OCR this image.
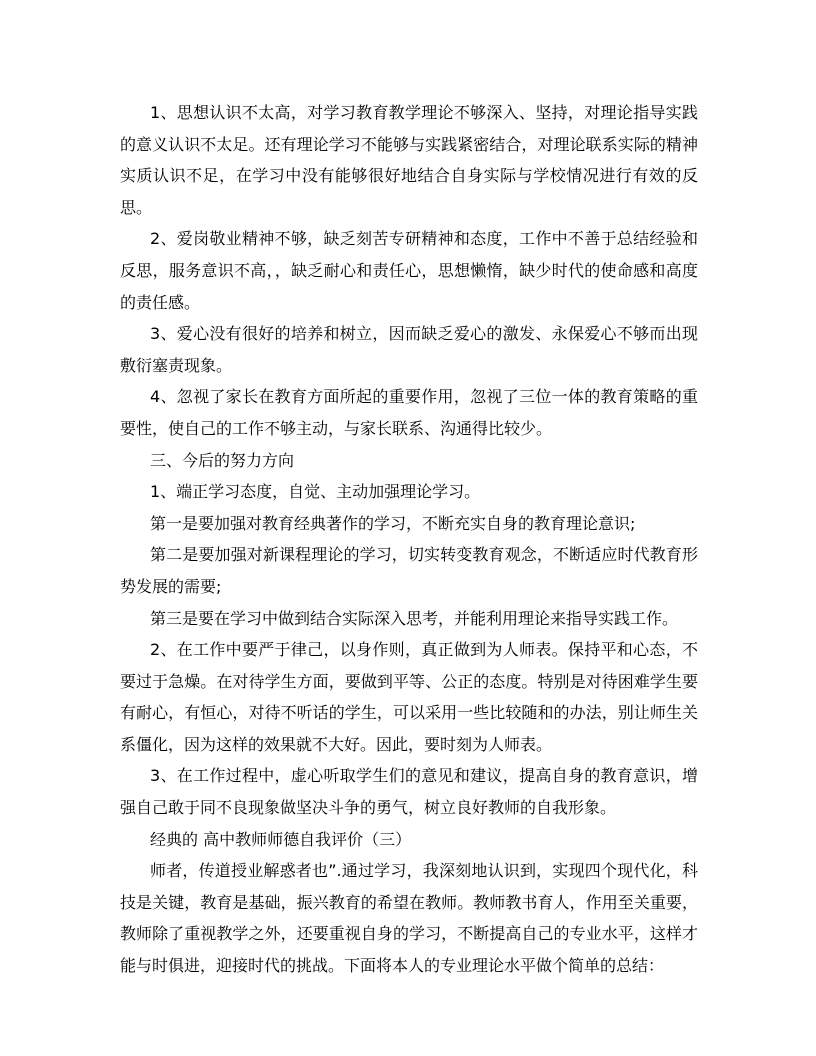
1、思想认识不太高，对学习教育教学理论不够深入、坚持，对理论指导实践的意义认识不太足。还有理论学习不能够与实践紧密结合，对理论联系实际的精神实质认识不足，在学习中没有能够很好地结合自身实际与学校情况进行有效的反思。

2、爱岗敬业精神不够，缺乏刻苦专研精神和态度，工作中不善于总结经验和反思，服务意识不高，，缺乏耐心和责任心，思想懒惰，缺少时代的使命感和高度的责任感。

3、爱心没有很好的培养和树立，因而缺乏爱心的激发、永保爱心不够而出现敷衍塞责现象。

4、忽视了家长在教育方面所起的重要作用，忽视了三位一体的教育策略的重要性，使自己的工作不够主动，与家长联系、沟通得比较少。

三、今后的努力方向

1、端正学习态度，自觉、主动加强理论学习。

第一是要加强对教育经典著作的学习，不断充实自身的教育理论意识;

第二是要加强对新课程理论的学习，切实转变教育观念，不断适应时代教育形势发展的需要;

第三是要在学习中做到结合实际深入思考，并能利用理论来指导实践工作。

2、在工作中要严于律己，以身作则，真正做到为人师表。保持平和心态，不要过于急燥。在对待学生方面，要做到平等、公正的态度。特别是对待困难学生要有耐心，有恒心，对待不听话的学生，可以采用一些比较随和的办法，别让师生关系僵化，因为这样的效果就不大好。因此，要时刻为人师表。

3、在工作过程中，虚心听取学生们的意见和建议，提高自身的教育意识，增强自己敢于同不良现象做坚决斗争的勇气，树立良好教师的自我形象。

经典的 高中教师师德自我评价（三）

师者，传道授业解惑者也”.通过学习，我深刻地认识到，实现四个现代化，科技是关键，教育是基础，振兴教育的希望在教师。教师教书育人，作用至关重要，教师除了重视教学之外，还要重视自身的学习，不断提高自己的专业水平，这样才能与时俱进，迎接时代的挑战。下面将本人的专业理论水平做个简单的总结：
